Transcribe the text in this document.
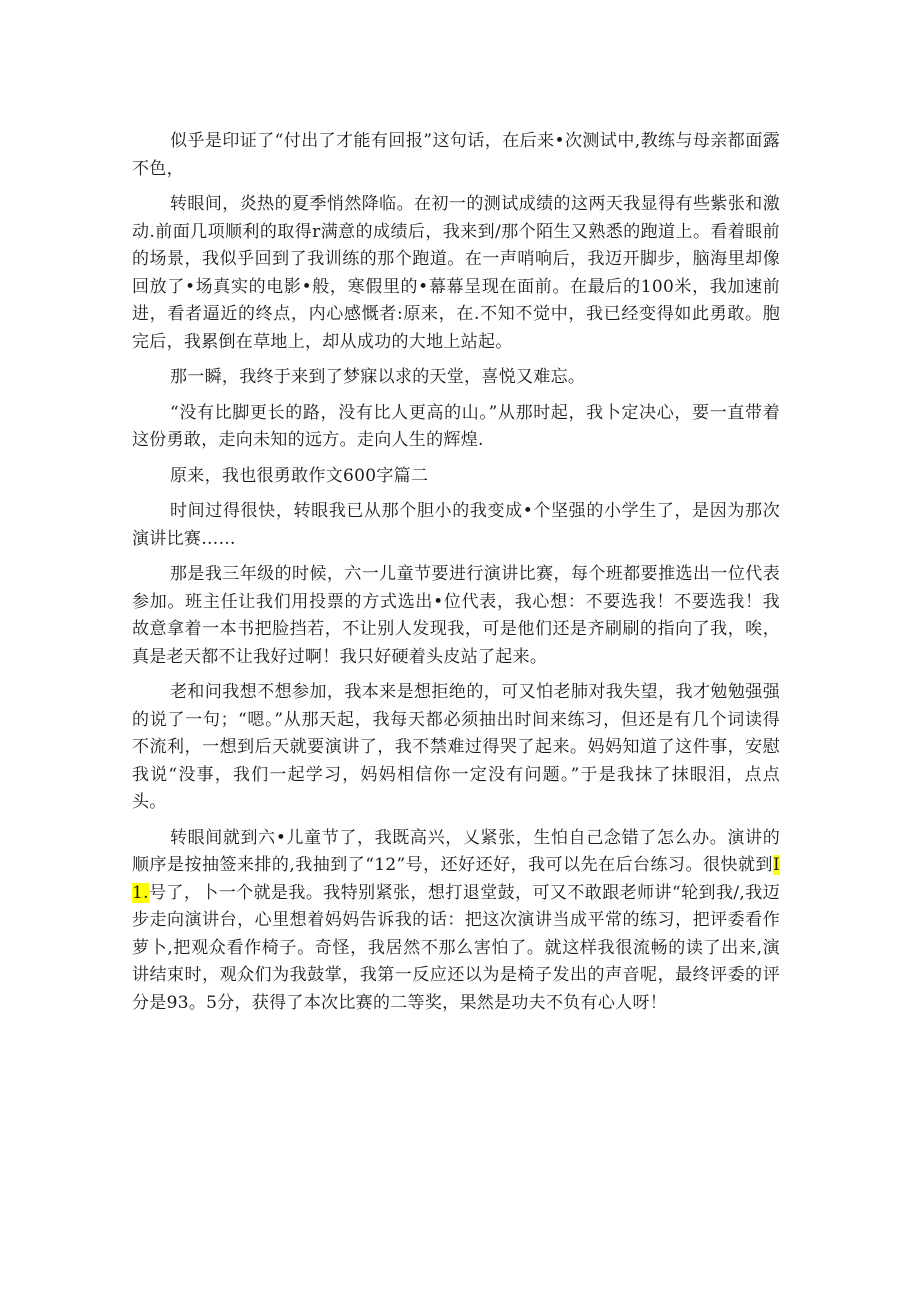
似乎是印证了“付出了才能有回报”这句话，在后来•次测试中,教练与母亲都面露不色，

转眼间，炎热的夏季悄然降临。在初一的测试成绩的这两天我显得有些紫张和激动.前面几项顺利的取得r满意的成绩后，我来到/那个陌生又熟悉的跑道上。看着眼前的场景，我似乎回到了我训练的那个跑道。在一声哨响后，我迈开脚步，脑海里却像回放了•场真实的电影•般，寒假里的•幕幕呈现在面前。在最后的100米，我加速前进，看者逼近的终点，内心感慨者:原来，在.不知不觉中，我已经变得如此勇敢。胞完后，我累倒在草地上，却从成功的大地上站起。

那一瞬，我终于来到了梦寐以求的天堂，喜悦又难忘。

“没有比脚更长的路，没有比人更高的山。”从那时起，我卜定决心，要一直带着这份勇敢，走向未知的远方。走向人生的辉煌.

原来，我也很勇敢作文600字篇二

时间过得很快，转眼我已从那个胆小的我变成•个坚强的小学生了，是因为那次演讲比赛……

那是我三年级的时候，六一儿童节要进行演讲比赛，每个班都要推选出一位代表参加。班主任让我们用投票的方式选出•位代表，我心想：不要选我！不要选我！我故意拿着一本书把脸挡若，不让别人发现我，可是他们还是齐刷刷的指向了我，唉，真是老天都不让我好过啊！我只好硬着头皮站了起来。

老和问我想不想参加，我本来是想拒绝的，可又怕老肺对我失望，我才勉勉强强的说了一句；“嗯。”从那天起，我每天都必须抽出时间来练习，但还是有几个词读得不流利，一想到后天就要演讲了，我不禁难过得哭了起来。妈妈知道了这件事，安慰我说“没事，我们一起学习，妈妈相信你一定没有问题。”于是我抹了抹眼泪，点点头。

转眼间就到六•儿童节了，我既高兴，乂紧张，生怕自己念错了怎么办。演讲的顺序是按抽签来排的,我抽到了“12”号，还好还好，我可以先在后台练习。很快就到I1.号了，卜一个就是我。我特别紧张，想打退堂鼓，可又不敢跟老师讲“轮到我/,我迈步走向演讲台，心里想着妈妈告诉我的话：把这次演讲当成平常的练习，把评委看作萝卜,把观众看作椅子。奇怪，我居然不那么害怕了。就这样我很流畅的读了出来,演讲结束时，观众们为我鼓掌，我第一反应还以为是椅子发出的声音呢，最终评委的评分是93。5分，获得了本次比赛的二等奖，果然是功夫不负有心人呀！
